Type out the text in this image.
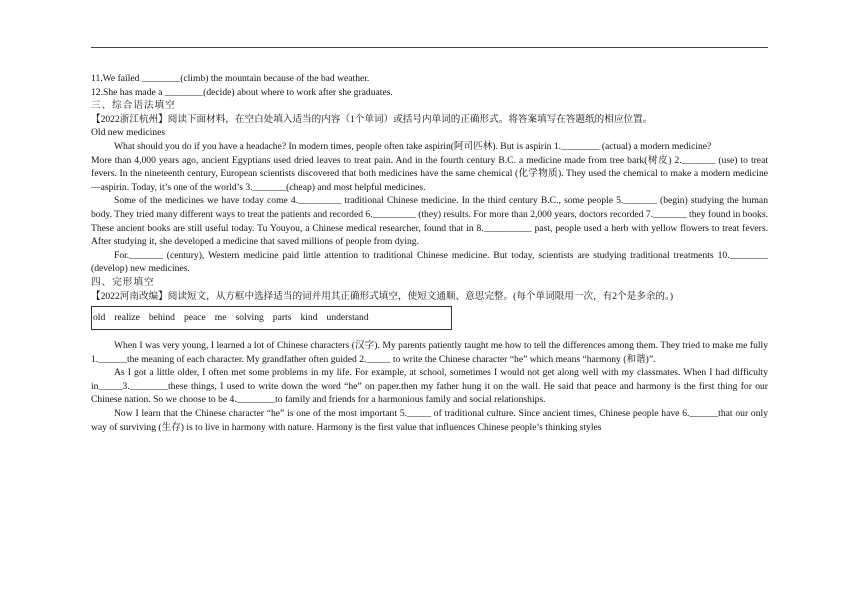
11.We failed ________(climb) the mountain because of the bad weather.

12.She has made a ________(decide) about where to work after she graduates.

三、综合语法填空

【2022浙江杭州】阅读下面材料，在空白处填入适当的内容（1个单词）或括号内单词的正确形式。将答案填写在答题纸的相应位置。

Old new medicines

What should you do if you have a headache? In modern times, people often take aspirin(阿司匹林). But is aspirin 1.________ (actual) a modern medicine?

More than 4,000 years ago, ancient Egyptians used dried leaves to treat pain. And in the fourth century B.C. a medicine made from tree bark(树皮) 2._______ (use) to treat fevers. In the nineteenth century, European scientists discovered that both medicines have the same chemical (化学物质). They used the chemical to make a modern medicine—aspirin. Today, it’s one of the world’s 3._______(cheap) and most helpful medicines.

Some of the medicines we have today come 4._________ traditional Chinese medicine. In the third century B.C., some people 5._______ (begin) studying the human body. They tried many different ways to treat the patients and recorded 6._________ (they) results. For more than 2,000 years, doctors recorded 7._______ they found in books. These ancient books are still useful today. Tu Youyou, a Chinese medical researcher, found that in 8.__________ past, people used a herb with yellow flowers to treat fevers. After studying it, she developed a medicine that saved millions of people from dying.

For._______ (century), Western medicine paid little attention to traditional Chinese medicine. But today, scientists are studying traditional treatments 10.________ (develop) new medicines.

四、完形填空

【2022河南改编】阅读短文，从方框中选择适当的词并用其正确形式填空，使短文通顺、意思完整。(每个单词限用一次，有2个是多余的。)

old realize behind peace me solving parts kind understand

When I was very young, I learned a lot of Chinese characters (汉字). My parents patiently taught me how to tell the differences among them. They tried to make me fully 1.______the meaning of each character. My grandfather often guided 2._____ to write the Chinese character “he” which means “harmony (和谐)”.

As I got a little older, I often met some problems in my life. For example, at school, sometimes I would not get along well with my classmates. When I had difficulty in_____3.________these things, I used to write down the word “he” on paper.then my father hung it on the wall. He said that peace and harmony is the first thing for our Chinese nation. So we choose to be 4.________to family and friends for a harmonious family and social relationships.

Now I learn that the Chinese character “he” is one of the most important 5._____ of traditional culture. Since ancient times, Chinese people have 6.______that our only way of surviving (生存) is to live in harmony with nature. Harmony is the first value that influences Chinese people’s thinking styles
